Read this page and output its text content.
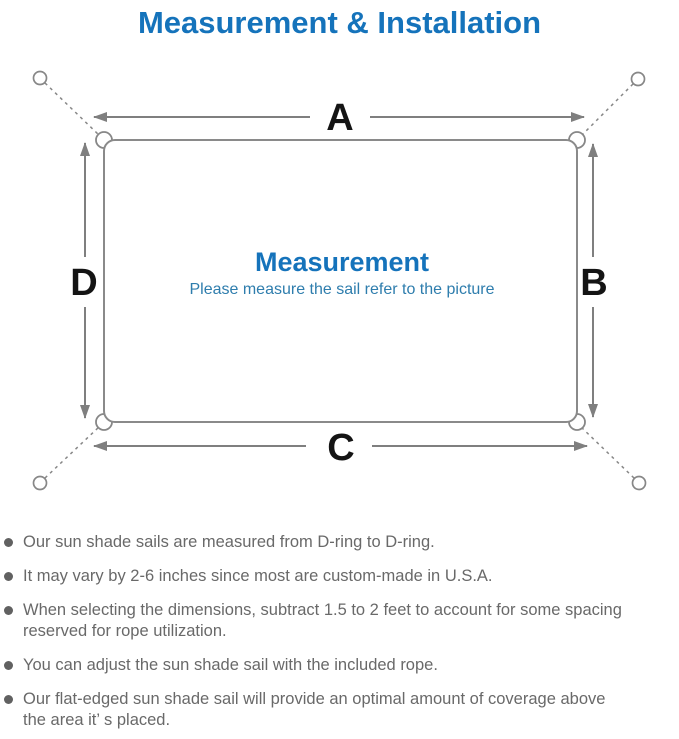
Measurement & Installation
A
C
D	B
Measurement
Please measure the sail refer to the picture
Our sun shade sails are measured from D-ring to D-ring.
It may vary by 2-6 inches since most are custom-made in U.S.A.
When selecting the dimensions, subtract 1.5 to 2 feet to account for some spacing
reserved for rope utilization.
You can adjust the sun shade sail with the included rope.
Our flat-edged sun shade sail will provide an optimal amount of coverage above
the area it’ s placed.
